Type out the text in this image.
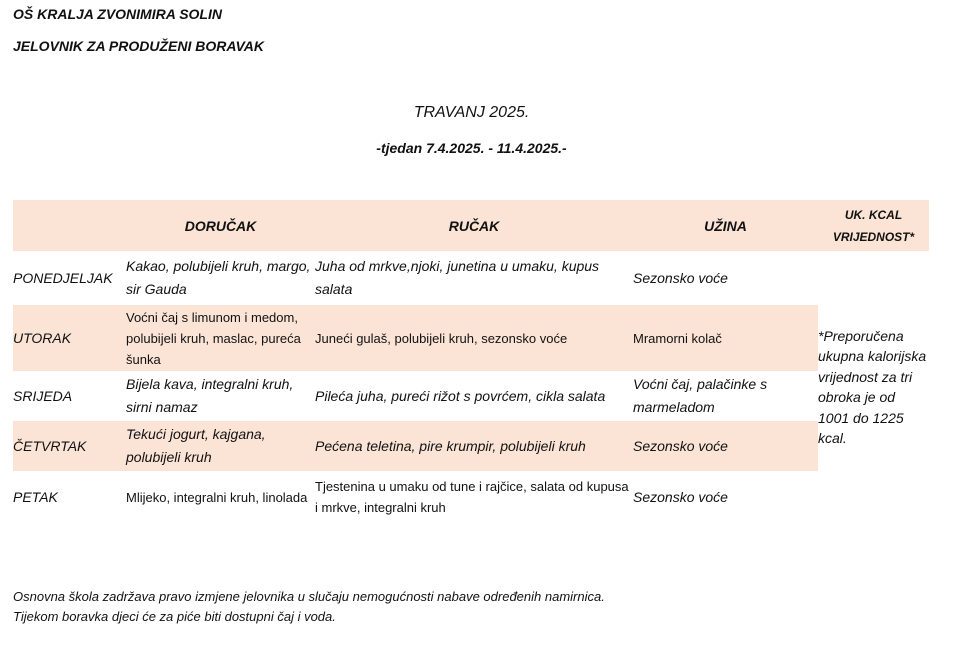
OŠ KRALJA ZVONIMIRA SOLIN
JELOVNIK ZA PRODUŽENI BORAVAK
TRAVANJ 2025.
-tjedan 7.4.2025. - 11.4.2025.-
	DORUČAK	RUČAK	UŽINA	UK. KCAL
VRIJEDNOST*

PONEDJELJAK	Kakao, polubijeli kruh, margo, sir Gauda	Juha od mrkve,njoki, junetina u umaku, kupus salata	Sezonsko voće	*Preporučena ukupna kalorijska vrijednost za tri obroka je od 1001 do 1225 kcal.
UTORAK	Voćni čaj s limunom i medom, polubijeli kruh, maslac, pureća šunka	Juneći gulaš, polubijeli kruh, sezonsko voće	Mramorni kolač	
SRIJEDA	Bijela kava, integralni kruh, sirni namaz	Pileća juha, pureći rižot s povrćem, cikla salata	Voćni čaj, palačinke s marmeladom	
ČETVRTAK	Tekući jogurt, kajgana, polubijeli kruh	Pećena teletina, pire krumpir, polubijeli kruh	Sezonsko voće	
PETAK	Mlijeko, integralni kruh, linolada	Tjestenina u umaku od tune i rajčice, salata od kupusa i mrkve, integralni kruh	Sezonsko voće	
Osnovna škola zadržava pravo izmjene jelovnika u slučaju nemogućnosti nabave određenih namirnica.
Tijekom boravka djeci će za piće biti dostupni čaj i voda.
